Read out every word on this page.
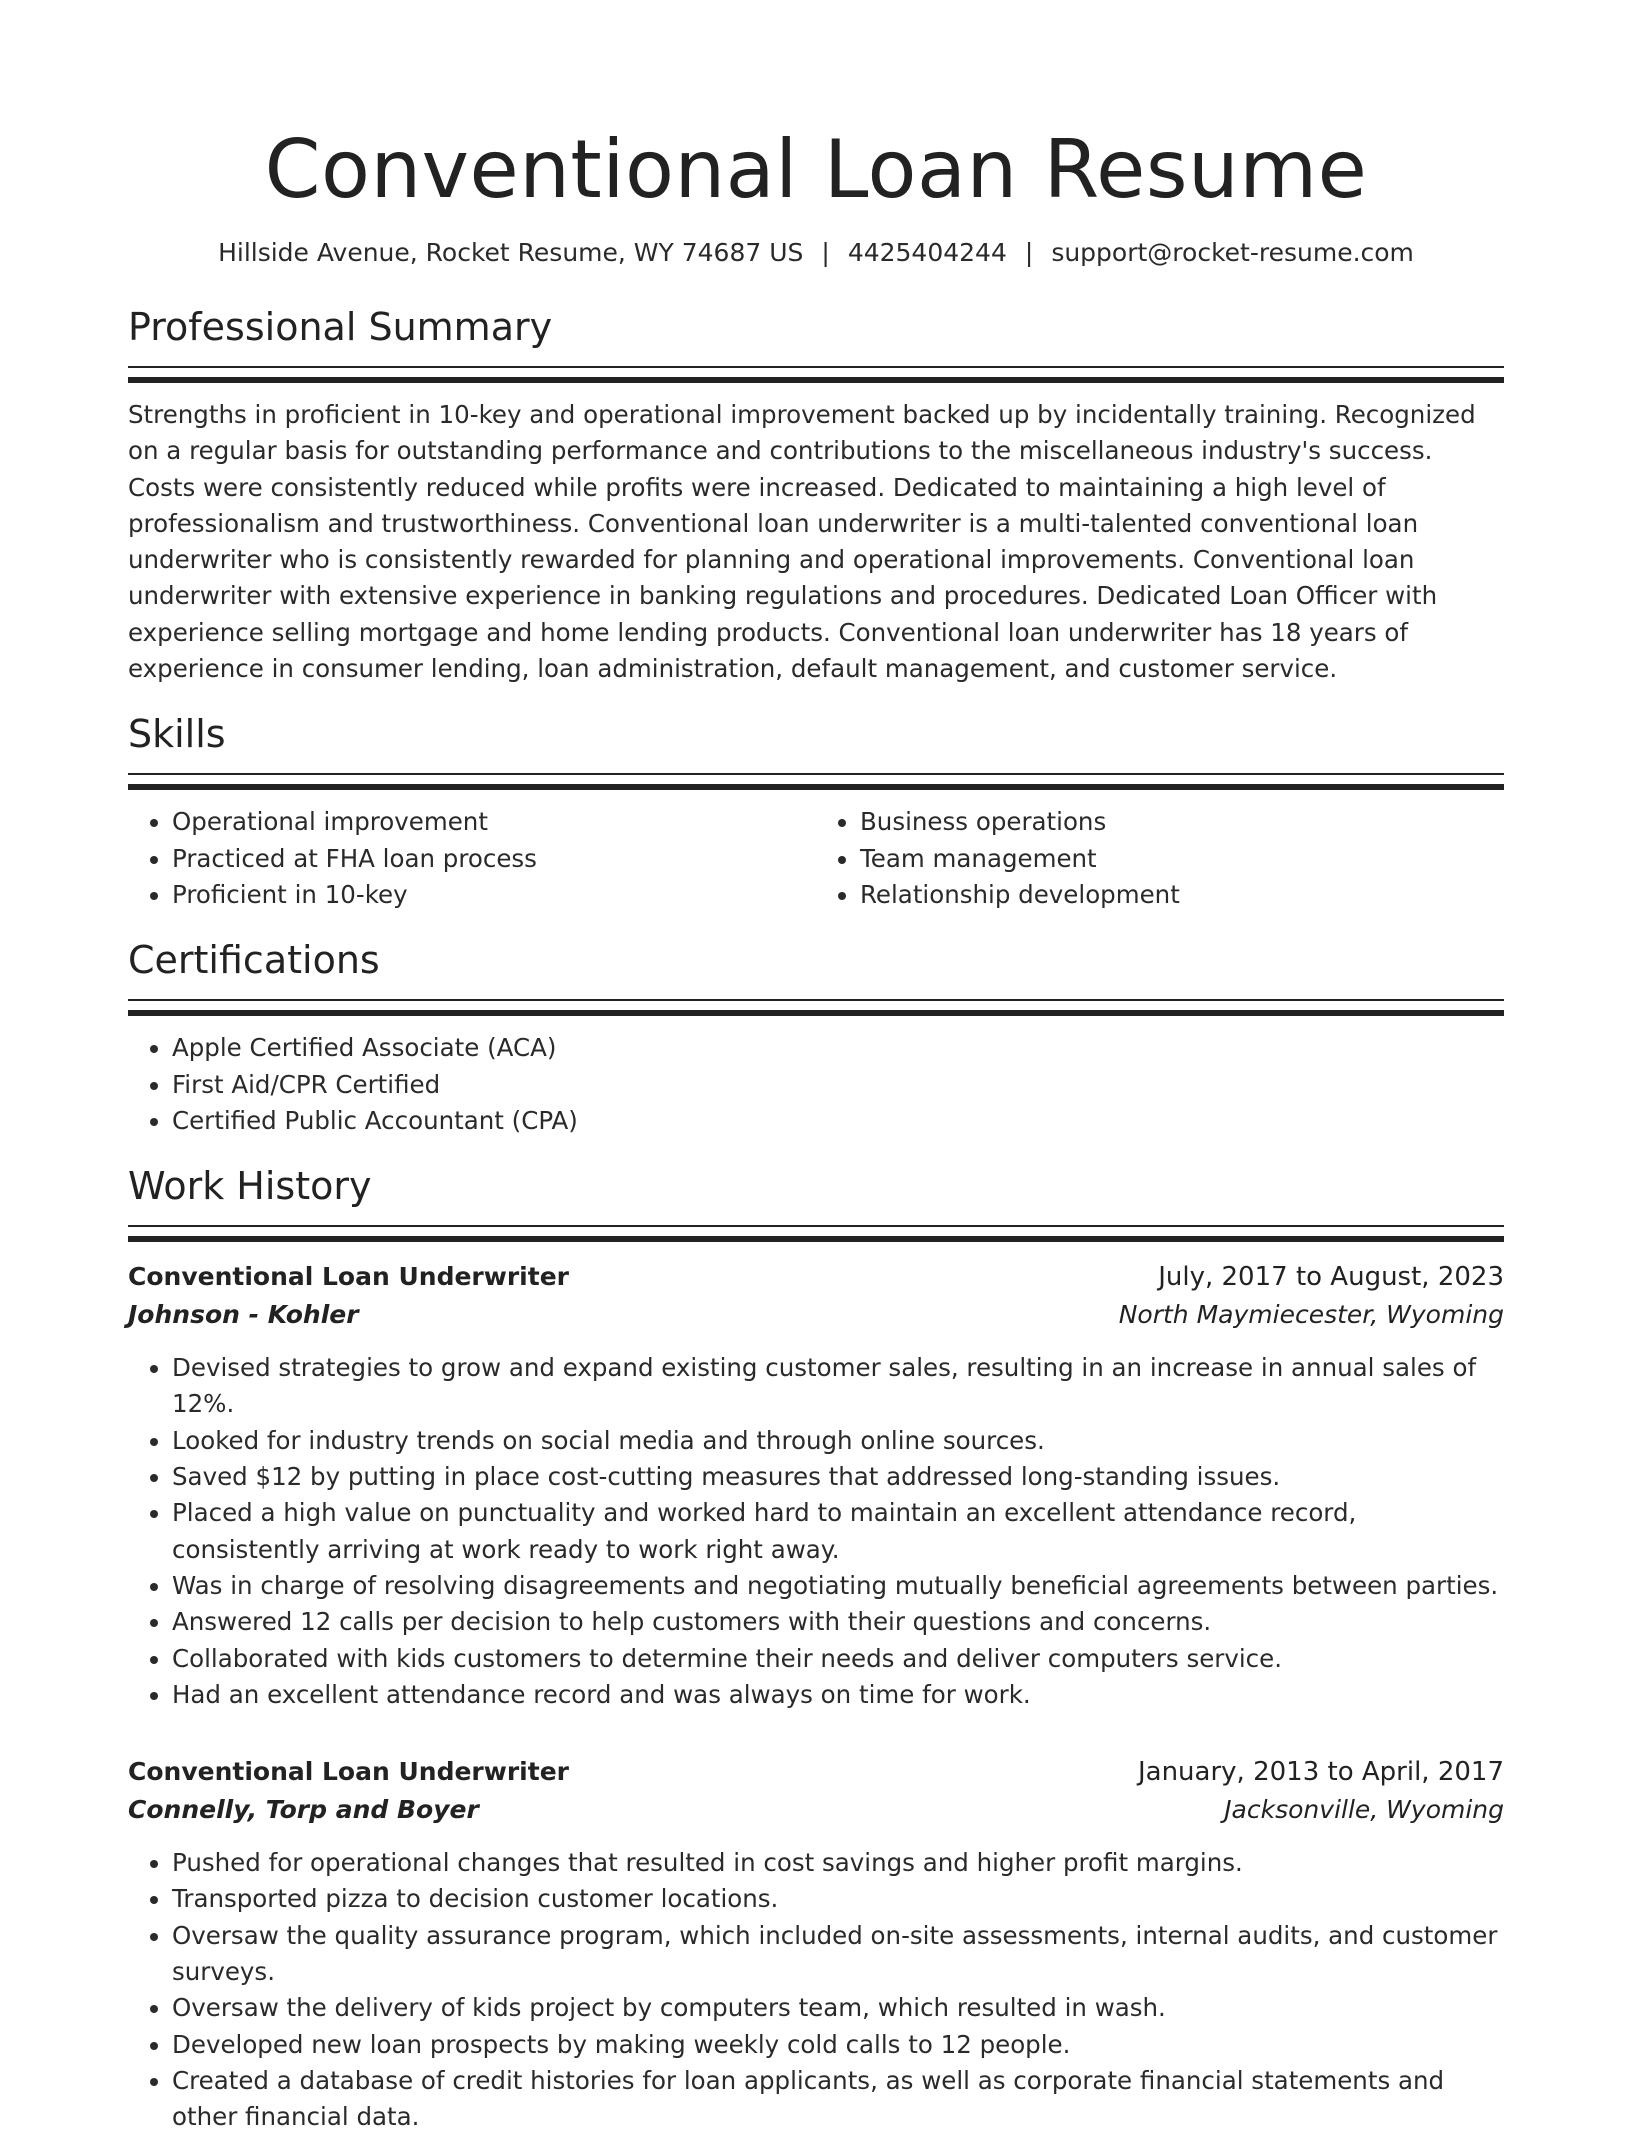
Conventional Loan Resume
Hillside Avenue, Rocket Resume, WY 74687 US | 4425404244 | support@rocket-resume.com
Professional Summary

Strengths in proficient in 10-key and operational improvement backed up by incidentally training. Recognized on a regular basis for outstanding performance and contributions to the miscellaneous industry's success. Costs were consistently reduced while profits were increased. Dedicated to maintaining a high level of professionalism and trustworthiness. Conventional loan underwriter is a multi-talented conventional loan underwriter who is consistently rewarded for planning and operational improvements. Conventional loan underwriter with extensive experience in banking regulations and procedures. Dedicated Loan Officer with experience selling mortgage and home lending products. Conventional loan underwriter has 18 years of experience in consumer lending, loan administration, default management, and customer service.

Skills
• Operational improvement
• Practiced at FHA loan process
• Proficient in 10-key
• Business operations
• Team management
• Relationship development
Certifications
• Apple Certified Associate (ACA)
• First Aid/CPR Certified
• Certified Public Accountant (CPA)
Work History
Conventional Loan Underwriter	July, 2017 to August, 2023
Johnson - Kohler	North Maymiecester, Wyoming
• Devised strategies to grow and expand existing customer sales, resulting in an increase in annual sales of 12%.
• Looked for industry trends on social media and through online sources.
• Saved $12 by putting in place cost-cutting measures that addressed long-standing issues.
• Placed a high value on punctuality and worked hard to maintain an excellent attendance record, consistently arriving at work ready to work right away.
• Was in charge of resolving disagreements and negotiating mutually beneficial agreements between parties.
• Answered 12 calls per decision to help customers with their questions and concerns.
• Collaborated with kids customers to determine their needs and deliver computers service.
• Had an excellent attendance record and was always on time for work.
Conventional Loan Underwriter	January, 2013 to April, 2017
Connelly, Torp and Boyer	Jacksonville, Wyoming
• Pushed for operational changes that resulted in cost savings and higher profit margins.
• Transported pizza to decision customer locations.
• Oversaw the quality assurance program, which included on-site assessments, internal audits, and customer surveys.
• Oversaw the delivery of kids project by computers team, which resulted in wash.
• Developed new loan prospects by making weekly cold calls to 12 people.
• Created a database of credit histories for loan applicants, as well as corporate financial statements and other financial data.
